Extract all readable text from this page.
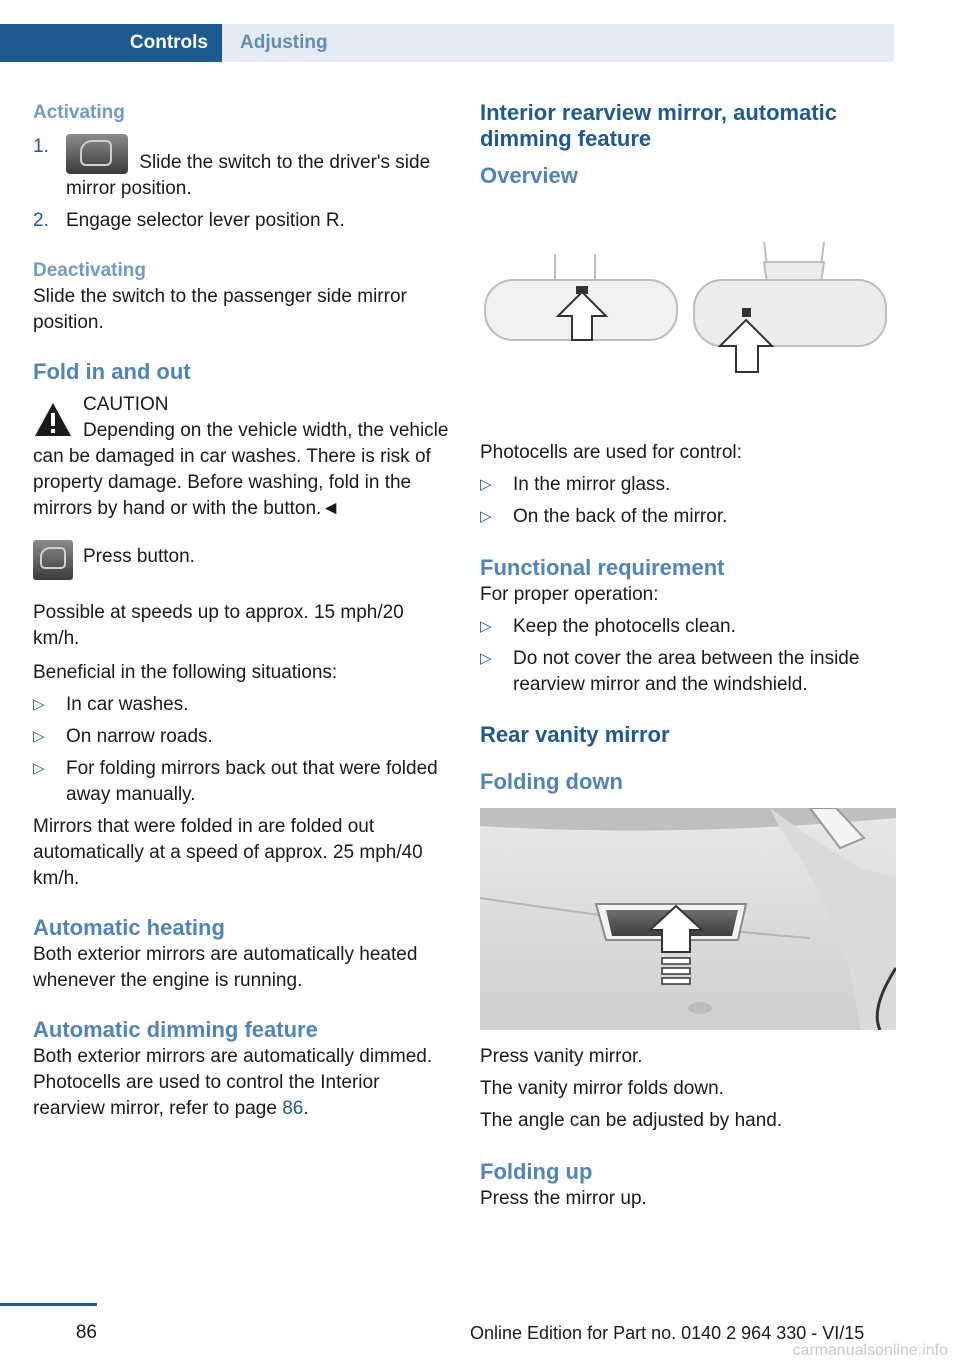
Controls	Adjusting

Activating

1.
Slide the switch to the driver's side mirror position.
2. Engage selector lever position R.

Deactivating

Slide the switch to the passenger side mirror position.

Fold in and out

CAUTION

Depending on the vehicle width, the vehicle can be damaged in car washes. There is risk of property damage. Before washing, fold in the mirrors by hand or with the button.◄

Press button.

Possible at speeds up to approx. 15 mph/20 km/h.

Beneficial in the following situations:

▷ In car washes.
▷ On narrow roads.
▷ For folding mirrors back out that were folded away manually.

Mirrors that were folded in are folded out automatically at a speed of approx. 25 mph/40 km/h.

Automatic heating

Both exterior mirrors are automatically heated whenever the engine is running.

Automatic dimming feature

Both exterior mirrors are automatically dimmed. Photocells are used to control the Interior rearview mirror, refer to page 86.

Interior rearview mirror, automatic dimming feature

Overview

Photocells are used for control:

▷ In the mirror glass.
▷ On the back of the mirror.

Functional requirement

For proper operation:

▷ Keep the photocells clean.
▷ Do not cover the area between the inside rearview mirror and the windshield.

Rear vanity mirror

Folding down

Press vanity mirror.

The vanity mirror folds down.

The angle can be adjusted by hand.

Folding up

Press the mirror up.

86	Online Edition for Part no. 0140 2 964 330 - VI/15
carmanualsonline.info
